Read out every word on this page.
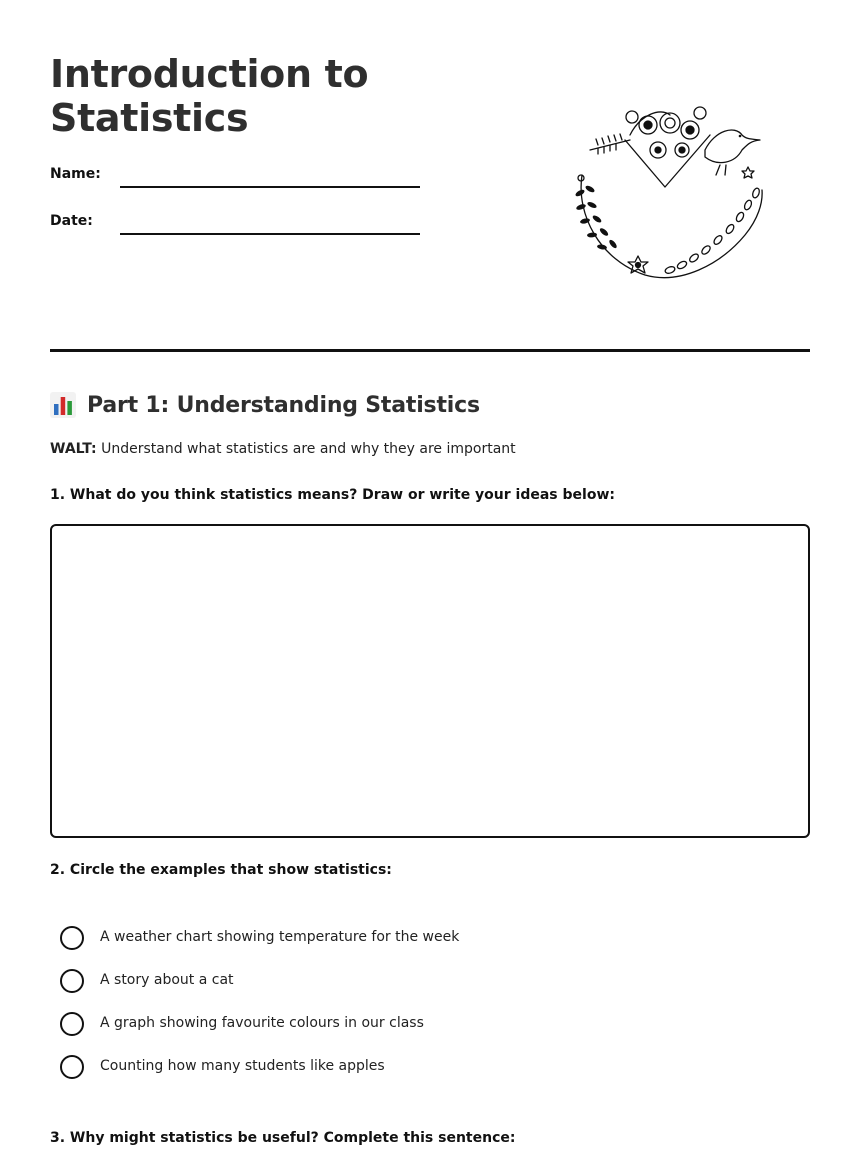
Introduction to
Statistics
Name:
Date:
Part 1: Understanding Statistics
WALT: Understand what statistics are and why they are important
1. What do you think statistics means? Draw or write your ideas below:
2. Circle the examples that show statistics:
A weather chart showing temperature for the week
A story about a cat
A graph showing favourite colours in our class
Counting how many students like apples
3. Why might statistics be useful? Complete this sentence:
